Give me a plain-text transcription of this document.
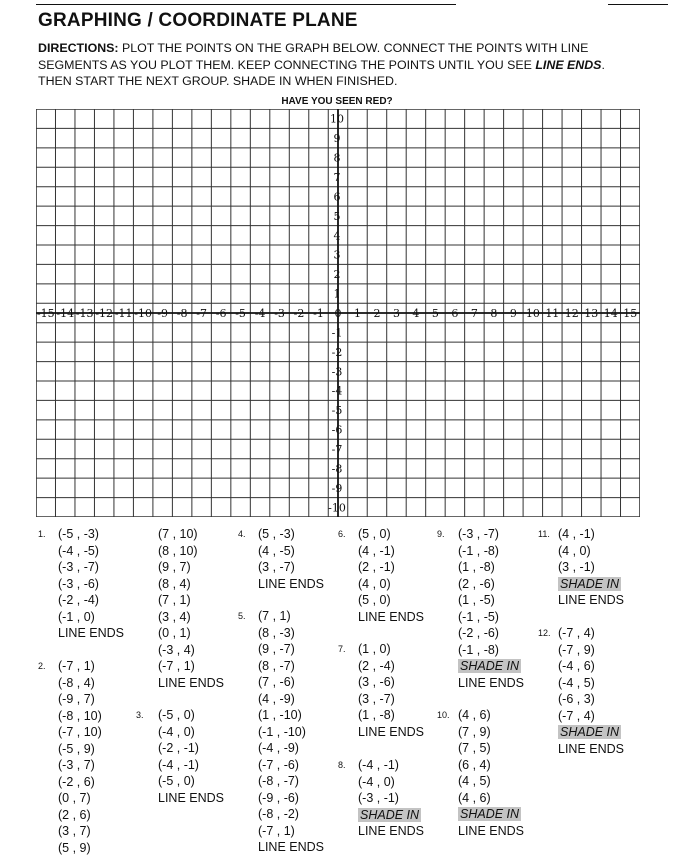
GRAPHING / COORDINATE PLANE
DIRECTIONS: PLOT THE POINTS ON THE GRAPH BELOW. CONNECT THE POINTS WITH LINE SEGMENTS AS YOU PLOT THEM. KEEP CONNECTING THE POINTS UNTIL YOU SEE LINE ENDS. THEN START THE NEXT GROUP. SHADE IN WHEN FINISHED.
HAVE YOU SEEN RED?
-15 -14 -13 -12 -11 -10 -9 -8 -7 -6 -5 -4 -3 -2 -1 0 1 2 3 4 5 6 7 8 9 10 11 12 13 14 15
10
9
8
7
6
5
4
3
2
1
-1
-2
-3
-4
-5
-6
-7
-8
-9
-10
1. (-5 , -3)
(-4 , -5)
(-3 , -7)
(-3 , -6)
(-2 , -4)
(-1 , 0)
LINE ENDS
2. (-7 , 1)
(-8 , 4)
(-9 , 7)
(-8 , 10)
(-7 , 10)
(-5 , 9)
(-3 , 7)
(-2 , 6)
(0 , 7)
(2 , 6)
(3 , 7)
(5 , 9)
(7 , 10)
(8 , 10)
(9 , 7)
(8 , 4)
(7 , 1)
(3 , 4)
(0 , 1)
(-3 , 4)
(-7 , 1)
LINE ENDS
3. (-5 , 0)
(-4 , 0)
(-2 , -1)
(-4 , -1)
(-5 , 0)
LINE ENDS
4. (5 , -3)
(4 , -5)
(3 , -7)
LINE ENDS
5. (7 , 1)
(8 , -3)
(9 , -7)
(8 , -7)
(7 , -6)
(4 , -9)
(1 , -10)
(-1 , -10)
(-4 , -9)
(-7 , -6)
(-8 , -7)
(-9 , -6)
(-8 , -2)
(-7 , 1)
LINE ENDS
6. (5 , 0)
(4 , -1)
(2 , -1)
(4 , 0)
(5 , 0)
LINE ENDS
7. (1 , 0)
(2 , -4)
(3 , -6)
(3 , -7)
(1 , -8)
LINE ENDS
8. (-4 , -1)
(-4 , 0)
(-3 , -1)
SHADE IN
LINE ENDS
9. (-3 , -7)
(-1 , -8)
(1 , -8)
(2 , -6)
(1 , -5)
(-1 , -5)
(-2 , -6)
(-1 , -8)
SHADE IN
LINE ENDS
10. (4 , 6)
(7 , 9)
(7 , 5)
(6 , 4)
(4 , 5)
(4 , 6)
SHADE IN
LINE ENDS
11. (4 , -1)
(4 , 0)
(3 , -1)
SHADE IN
LINE ENDS
12. (-7 , 4)
(-7 , 9)
(-4 , 6)
(-4 , 5)
(-6 , 3)
(-7 , 4)
SHADE IN
LINE ENDS
